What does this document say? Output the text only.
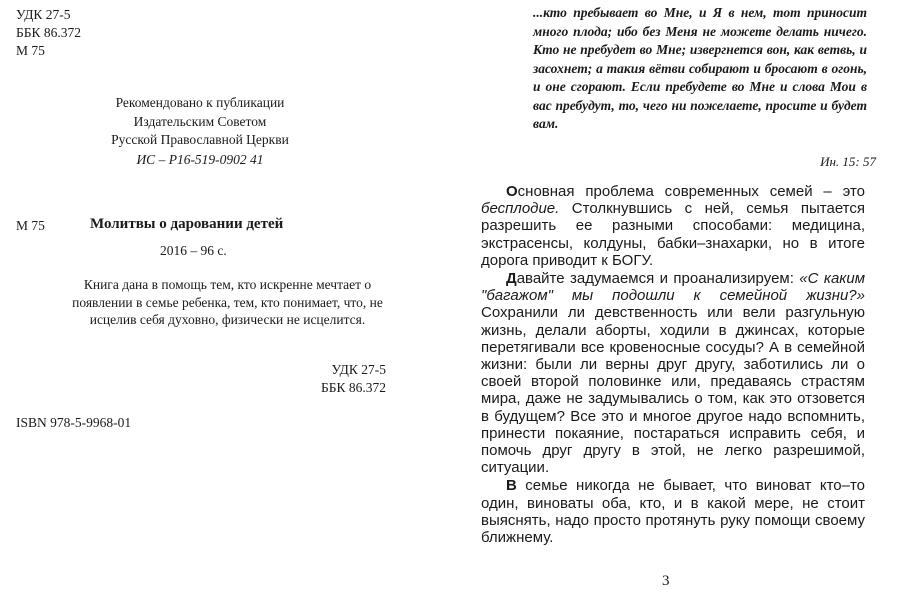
УДК 27-5
ББК 86.372
М 75
Рекомендовано к публикации
Издательским Советом
Русской Православной Церкви
ИС – Р16-519-0902 41
М 75	Молитвы о даровании детей
2016 – 96 с.
Книга дана в помощь тем, кто искренне мечтает о появлении в семье ребенка, тем, кто понимает, что, не исцелив себя духовно, физически не исцелится.
УДК 27-5
ББК 86.372
ISBN 978-5-9968-01
...кто пребывает во Мне, и Я в нем, тот приносит много плода; ибо без Меня не можете делать ничего. Кто не пребудет во Мне; извергнется вон, как ветвь, и засохнет; а такия вётви собирают и бросают в огонь, и оне сгорают. Если пребудете во Мне и слова Мои в вас пребудут, то, чего ни пожелаете, просите и будет вам.
Ин. 15: 57

Основная проблема современных семей – это бесплодие. Столкнувшись с ней, семья пытается разрешить ее разными способами: медицина, экстрасенсы, колдуны, бабки–знахарки, но в итоге дорога приводит к БОГУ.

Давайте задумаемся и проанализируем: «С каким "багажом" мы подошли к семейной жизни?» Сохранили ли девственность или вели разгульную жизнь, делали аборты, ходили в джинсах, которые перетягивали все кровеносные сосуды? А в семейной жизни: были ли верны друг другу, заботились ли о своей второй половинке или, предаваясь страстям мира, даже не задумывались о том, как это отзовется в будущем? Все это и многое другое надо вспомнить, принести покаяние, постараться исправить себя, и помочь друг другу в этой, не легко разрешимой, ситуации.

В семье никогда не бывает, что виноват кто–то один, виноваты оба, кто, и в какой мере, не стоит выяснять, надо просто протянуть руку помощи своему ближнему.

3
